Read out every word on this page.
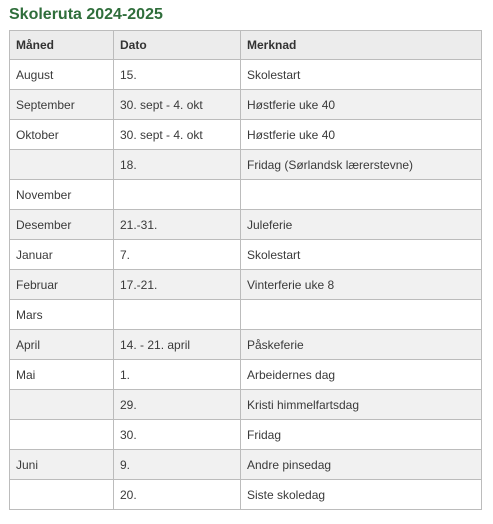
Skoleruta 2024-2025
Måned	Dato	Merknad
August	15.	Skolestart
September	30. sept - 4. okt	Høstferie uke 40
Oktober	30. sept - 4. okt	Høstferie uke 40
	18.	Fridag (Sørlandsk lærerstevne)
November		
Desember	21.-31.	Juleferie
Januar	7.	Skolestart
Februar	17.-21.	Vinterferie uke 8
Mars		
April	14. - 21. april	Påskeferie
Mai	1.	Arbeidernes dag
	29.	Kristi himmelfartsdag
	30.	Fridag
Juni	9.	Andre pinsedag
	20.	Siste skoledag
